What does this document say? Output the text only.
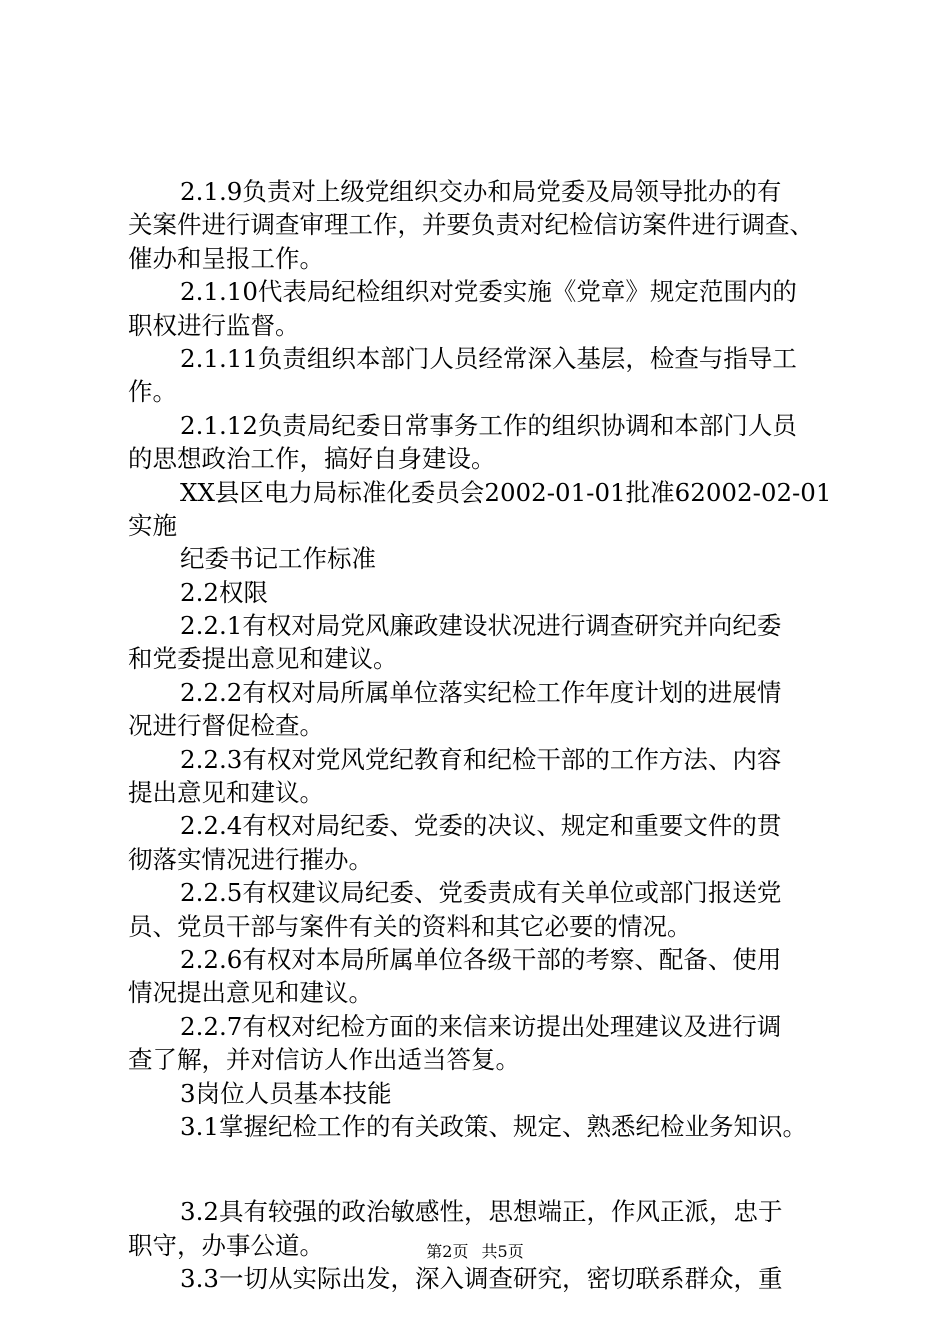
2.1.9负责对上级党组织交办和局党委及局领导批办的有
关案件进行调查审理工作，并要负责对纪检信访案件进行调查、
催办和呈报工作。
2.1.10代表局纪检组织对党委实施《党章》规定范围内的
职权进行监督。
2.1.11负责组织本部门人员经常深入基层，检查与指导工
作。
2.1.12负责局纪委日常事务工作的组织协调和本部门人员
的思想政治工作，搞好自身建设。
XX县区电力局标准化委员会2002-01-01批准62002-02-01
实施
纪委书记工作标准
2.2权限
2.2.1有权对局党风廉政建设状况进行调查研究并向纪委
和党委提出意见和建议。
2.2.2有权对局所属单位落实纪检工作年度计划的进展情
况进行督促检查。
2.2.3有权对党风党纪教育和纪检干部的工作方法、内容
提出意见和建议。
2.2.4有权对局纪委、党委的决议、规定和重要文件的贯
彻落实情况进行摧办。
2.2.5有权建议局纪委、党委责成有关单位或部门报送党
员、党员干部与案件有关的资料和其它必要的情况。
2.2.6有权对本局所属单位各级干部的考察、配备、使用
情况提出意见和建议。
2.2.7有权对纪检方面的来信来访提出处理建议及进行调
查了解，并对信访人作出适当答复。
3岗位人员基本技能
3.1掌握纪检工作的有关政策、规定、熟悉纪检业务知识。
3.2具有较强的政治敏感性，思想端正，作风正派，忠于
职守，办事公道。
3.3一切从实际出发，深入调查研究，密切联系群众，重
第2页 共5页
